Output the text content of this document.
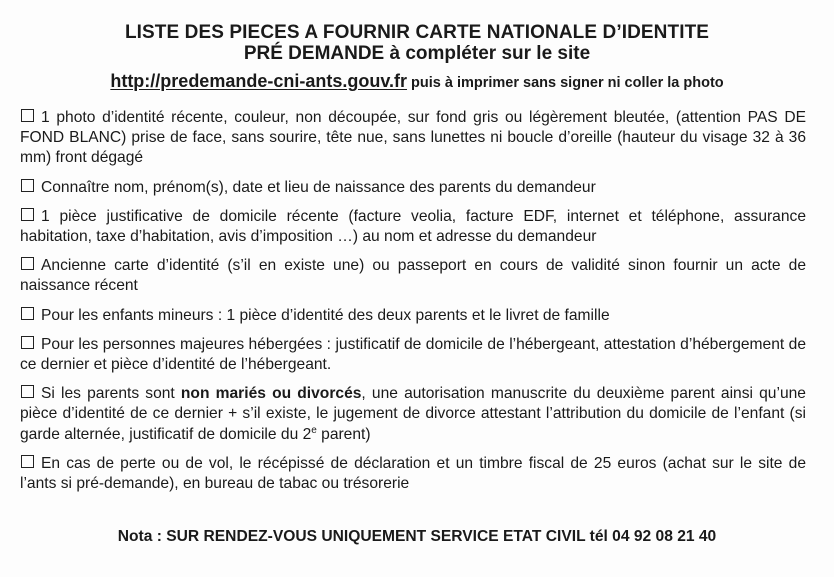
LISTE DES PIECES A FOURNIR CARTE NATIONALE D’IDENTITE
PRÉ DEMANDE à compléter sur le site
http://predemande-cni-ants.gouv.fr puis à imprimer sans signer ni coller la photo
1 photo d’identité récente, couleur, non découpée, sur fond gris ou légèrement bleutée, (attention PAS DE FOND BLANC) prise de face, sans sourire, tête nue, sans lunettes ni boucle d’oreille (hauteur du visage 32 à 36 mm) front dégagé
Connaître nom, prénom(s), date et lieu de naissance des parents du demandeur
1 pièce justificative de domicile récente (facture veolia, facture EDF, internet et téléphone, assurance habitation, taxe d’habitation, avis d’imposition …) au nom et adresse du demandeur
Ancienne carte d’identité (s’il en existe une) ou passeport en cours de validité sinon fournir un acte de naissance récent
Pour les enfants mineurs : 1 pièce d’identité des deux parents et le livret de famille
Pour les personnes majeures hébergées : justificatif de domicile de l’hébergeant, attestation d’hébergement de ce dernier et pièce d’identité de l’hébergeant.
Si les parents sont non mariés ou divorcés, une autorisation manuscrite du deuxième parent ainsi qu’une pièce d’identité de ce dernier + s’il existe, le jugement de divorce attestant l’attribution du domicile de l’enfant (si garde alternée, justificatif de domicile du 2e parent)
En cas de perte ou de vol, le récépissé de déclaration et un timbre fiscal de 25 euros (achat sur le site de l’ants si pré-demande), en bureau de tabac ou trésorerie
Nota : SUR RENDEZ-VOUS UNIQUEMENT SERVICE ETAT CIVIL tél 04 92 08 21 40
